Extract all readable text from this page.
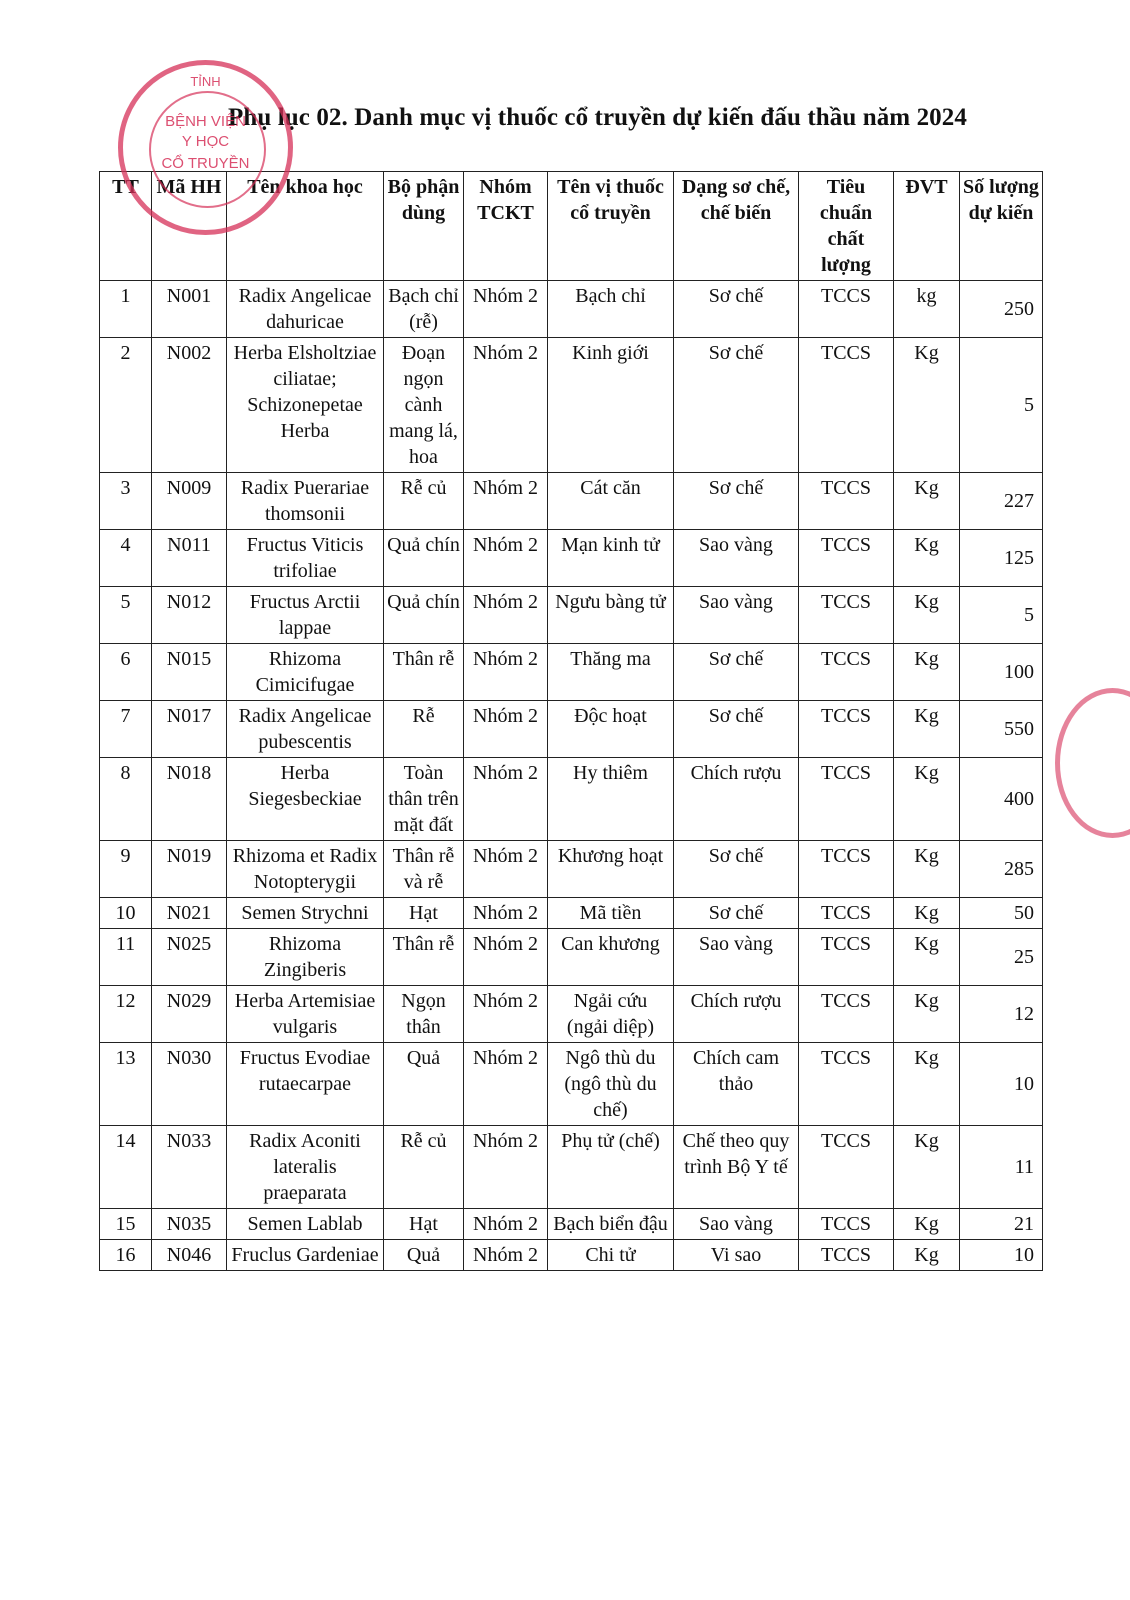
Phụ lục 02. Danh mục vị thuốc cổ truyền dự kiến đấu thầu năm 2024
TT	Mã HH	Tên khoa học	Bộ phận dùng	Nhóm TCKT	Tên vị thuốc cổ truyền	Dạng sơ chế, chế biến	Tiêu chuẩn chất lượng	ĐVT	Số lượng dự kiến
1	N001	Radix Angelicae dahuricae	Bạch chỉ (rễ)	Nhóm 2	Bạch chỉ	Sơ chế	TCCS	kg	250
2	N002	Herba Elsholtziae ciliatae; Schizonepetae Herba	Đoạn ngọn cành mang lá, hoa	Nhóm 2	Kinh giới	Sơ chế	TCCS	Kg	5
3	N009	Radix Puerariae thomsonii	Rễ củ	Nhóm 2	Cát căn	Sơ chế	TCCS	Kg	227
4	N011	Fructus Viticis trifoliae	Quả chín	Nhóm 2	Mạn kinh tử	Sao vàng	TCCS	Kg	125
5	N012	Fructus Arctii lappae	Quả chín	Nhóm 2	Ngưu bàng tử	Sao vàng	TCCS	Kg	5
6	N015	Rhizoma Cimicifugae	Thân rễ	Nhóm 2	Thăng ma	Sơ chế	TCCS	Kg	100
7	N017	Radix Angelicae pubescentis	Rễ	Nhóm 2	Độc hoạt	Sơ chế	TCCS	Kg	550
8	N018	Herba Siegesbeckiae	Toàn thân trên mặt đất	Nhóm 2	Hy thiêm	Chích rượu	TCCS	Kg	400
9	N019	Rhizoma et Radix Notopterygii	Thân rễ và rễ	Nhóm 2	Khương hoạt	Sơ chế	TCCS	Kg	285
10	N021	Semen Strychni	Hạt	Nhóm 2	Mã tiền	Sơ chế	TCCS	Kg	50
11	N025	Rhizoma Zingiberis	Thân rễ	Nhóm 2	Can khương	Sao vàng	TCCS	Kg	25
12	N029	Herba Artemisiae vulgaris	Ngọn thân	Nhóm 2	Ngải cứu (ngải diệp)	Chích rượu	TCCS	Kg	12
13	N030	Fructus Evodiae rutaecarpae	Quả	Nhóm 2	Ngô thù du (ngô thù du chế)	Chích cam thảo	TCCS	Kg	10
14	N033	Radix Aconiti lateralis praeparata	Rễ củ	Nhóm 2	Phụ tử (chế)	Chế theo quy trình Bộ Y tế	TCCS	Kg	11
15	N035	Semen Lablab	Hạt	Nhóm 2	Bạch biển đậu	Sao vàng	TCCS	Kg	21
16	N046	Fruclus Gardeniae	Quả	Nhóm 2	Chi tử	Vi sao	TCCS	Kg	10
TỈNH
BỆNH VIỆN
Y HỌC
CỔ TRUYỀN
